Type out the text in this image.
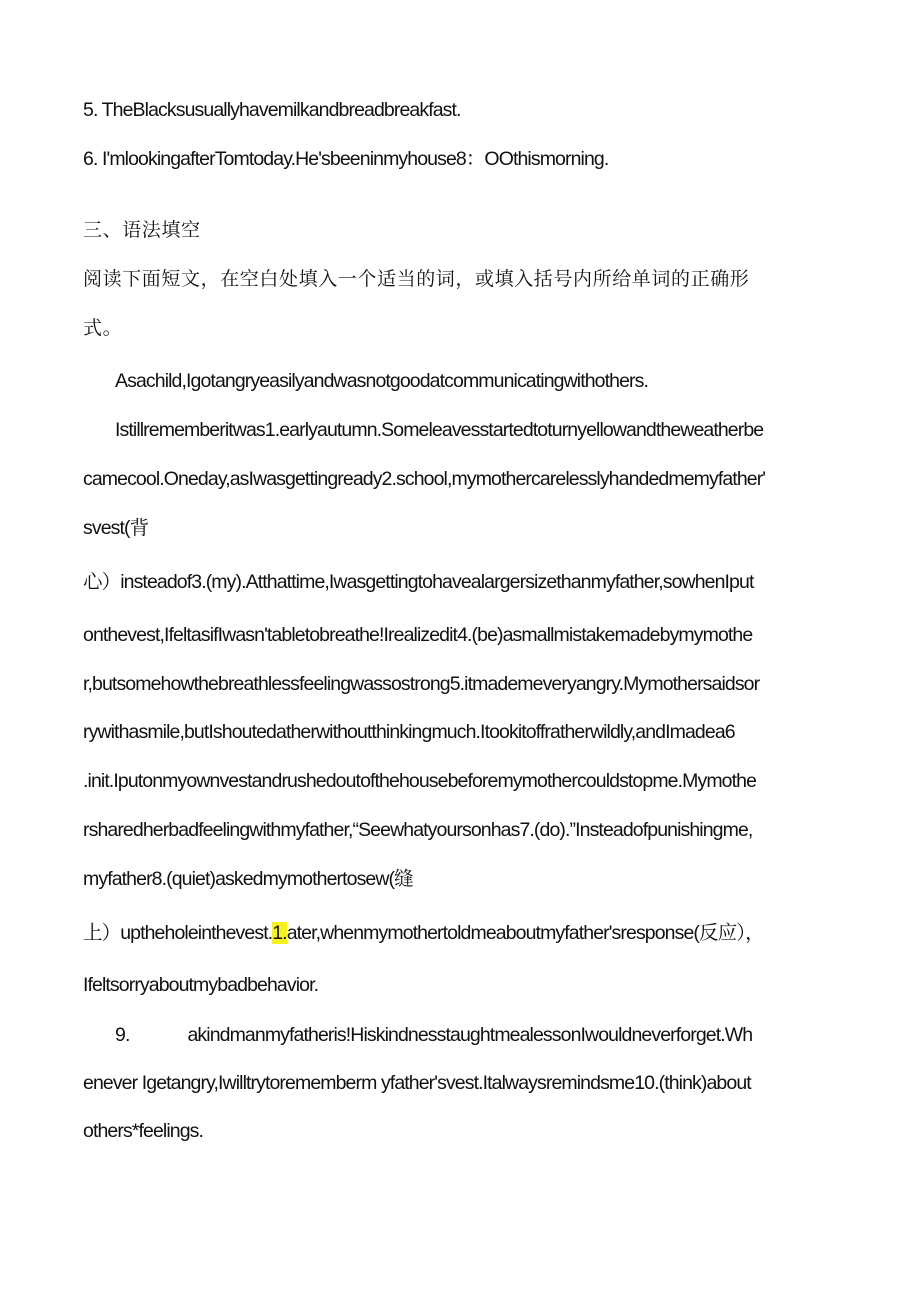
5. TheBlacksusuallyhavemilkandbreadbreakfast.
6. I'mlookingafterTomtoday.He'sbeeninmyhouse8：OOthismorning.
三、语法填空
阅读下面短文，在空白处填入一个适当的词，或填入括号内所给单词的正确形
式。
Asachild,Igotangryeasilyandwasnotgoodatcommunicatingwithothers.
Istillrememberitwas1.earlyautumn.Someleavesstartedtoturnyellowandtheweatherbe
camecool.Oneday,asIwasgettingready2.school,mymothercarelesslyhandedmemyfather'
svest(背
心）insteadof3.(my).Atthattime,Iwasgettingtohavealargersizethanmyfather,sowhenIput
onthevest,IfeltasifIwasn'tabletobreathe!Irealizedit4.(be)asmallmistakemadebymymothe
r,butsomehowthebreathlessfeelingwassostrong5.itmademeveryangry.Mymothersaidsor
rywithasmile,butIshoutedatherwithoutthinkingmuch.Itookitoffratherwildly,andImadea6
.init.Iputonmyownvestandrushedoutofthehousebeforemymothercouldstopme.Mymothe
rsharedherbadfeelingwithmyfather,“Seewhatyoursonhas7.(do).”Insteadofpunishingme,
myfather8.(quiet)askedmymothertosew(缝
上）uptheholeinthevest.1.ater,whenmymothertoldmeaboutmyfather'sresponse(反应），
Ifeltsorryaboutmybadbehavior.
9.	akindmanmyfatheris!HiskindnesstaughtmealessonIwouldneverforget.Wh
enever Igetangry,Iwilltrytorememberm yfather'svest.Italwaysremindsme10.(think)about
others*feelings.
